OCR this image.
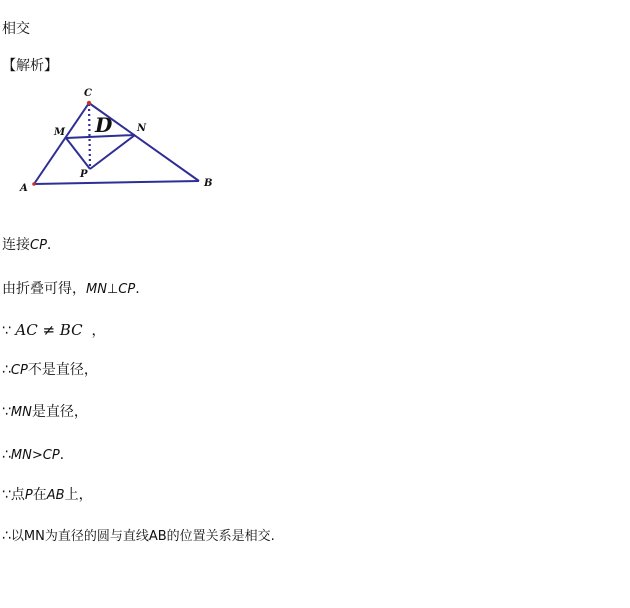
相交
【解析】
C
D
M	N
P
A	B
连接CP.
由折叠可得，MN⊥CP.
∵ AC ≠ BC  ，
∴CP不是直径，
∵MN是直径，
∴MN>CP.
∵点P在AB上，
∴以MN为直径的圆与直线AB的位置关系是相交.
